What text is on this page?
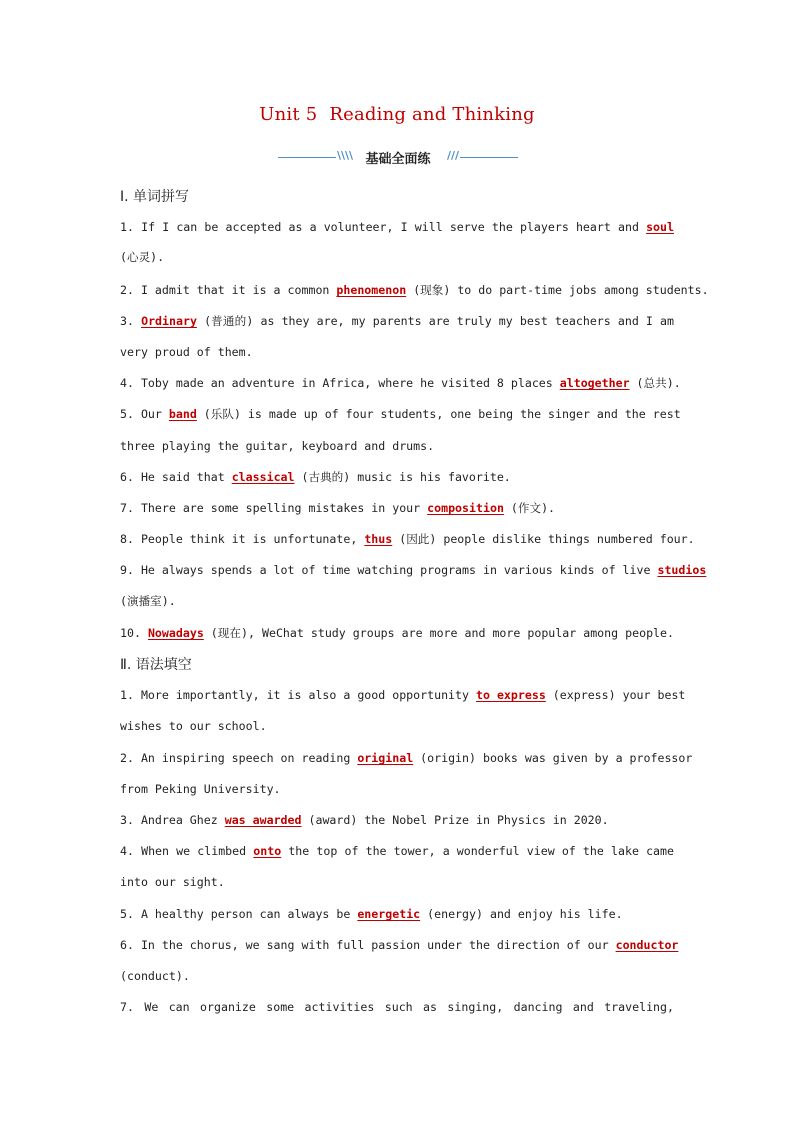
Unit 5 Reading and Thinking
\\\\ 基础全面练	///
Ⅰ. 单词拼写
1. If I can be accepted as a volunteer, I will serve the players heart and soul
(心灵).
2. I admit that it is a common phenomenon (现象) to do part-time jobs among students.
3. Ordinary (普通的) as they are, my parents are truly my best teachers and I am
very proud of them.
4. Toby made an adventure in Africa, where he visited 8 places altogether (总共).
5. Our band (乐队) is made up of four students, one being the singer and the rest
three playing the guitar, keyboard and drums.
6. He said that classical (古典的) music is his favorite.
7. There are some spelling mistakes in your composition (作文).
8. People think it is unfortunate, thus (因此) people dislike things numbered four.
9. He always spends a lot of time watching programs in various kinds of live studios
(演播室).
10. Nowadays (现在), WeChat study groups are more and more popular among people.
Ⅱ. 语法填空
1. More importantly, it is also a good opportunity to express (express) your best
wishes to our school.
2. An inspiring speech on reading original (origin) books was given by a professor
from Peking University.
3. Andrea Ghez was awarded (award) the Nobel Prize in Physics in 2020.
4. When we climbed onto the top of the tower, a wonderful view of the lake came
into our sight.
5. A healthy person can always be energetic (energy) and enjoy his life.
6. In the chorus, we sang with full passion under the direction of our conductor
(conduct).
7. We can organize some activities such as singing, dancing and traveling,
